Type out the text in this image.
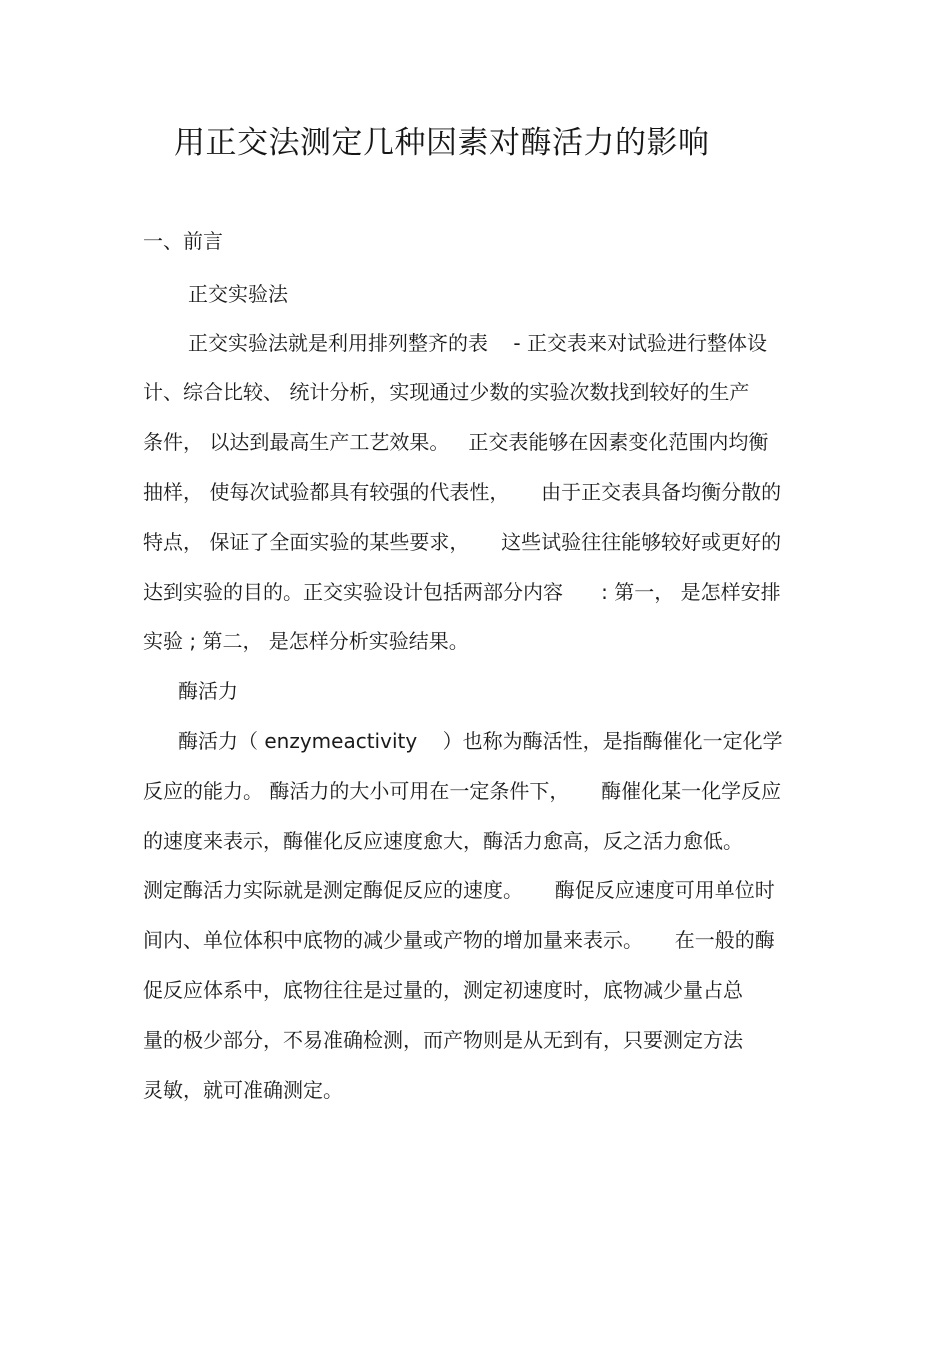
用正交法测定几种因素对酶活力的影响
一、前言
正交实验法
正交实验法就是利用排列整齐的表    - 正交表来对试验进行整体设
计、综合比较、 统计分析，实现通过少数的实验次数找到较好的生产
条件， 以达到最高生产工艺效果。   正交表能够在因素变化范围内均衡
抽样， 使每次试验都具有较强的代表性，     由于正交表具备均衡分散的
特点， 保证了全面实验的某些要求，     这些试验往往能够较好或更好的
达到实验的目的。正交实验设计包括两部分内容      : 第一， 是怎样安排
实验 ; 第二， 是怎样分析实验结果。
酶活力
酶活力（ enzymeactivity    ）也称为酶活性，是指酶催化一定化学
反应的能力。 酶活力的大小可用在一定条件下，     酶催化某一化学反应
的速度来表示，酶催化反应速度愈大，酶活力愈高，反之活力愈低。
测定酶活力实际就是测定酶促反应的速度。     酶促反应速度可用单位时
间内、单位体积中底物的减少量或产物的增加量来表示。     在一般的酶
促反应体系中，底物往往是过量的，测定初速度时，底物减少量占总
量的极少部分，不易准确检测，而产物则是从无到有，只要测定方法
灵敏，就可准确测定。
